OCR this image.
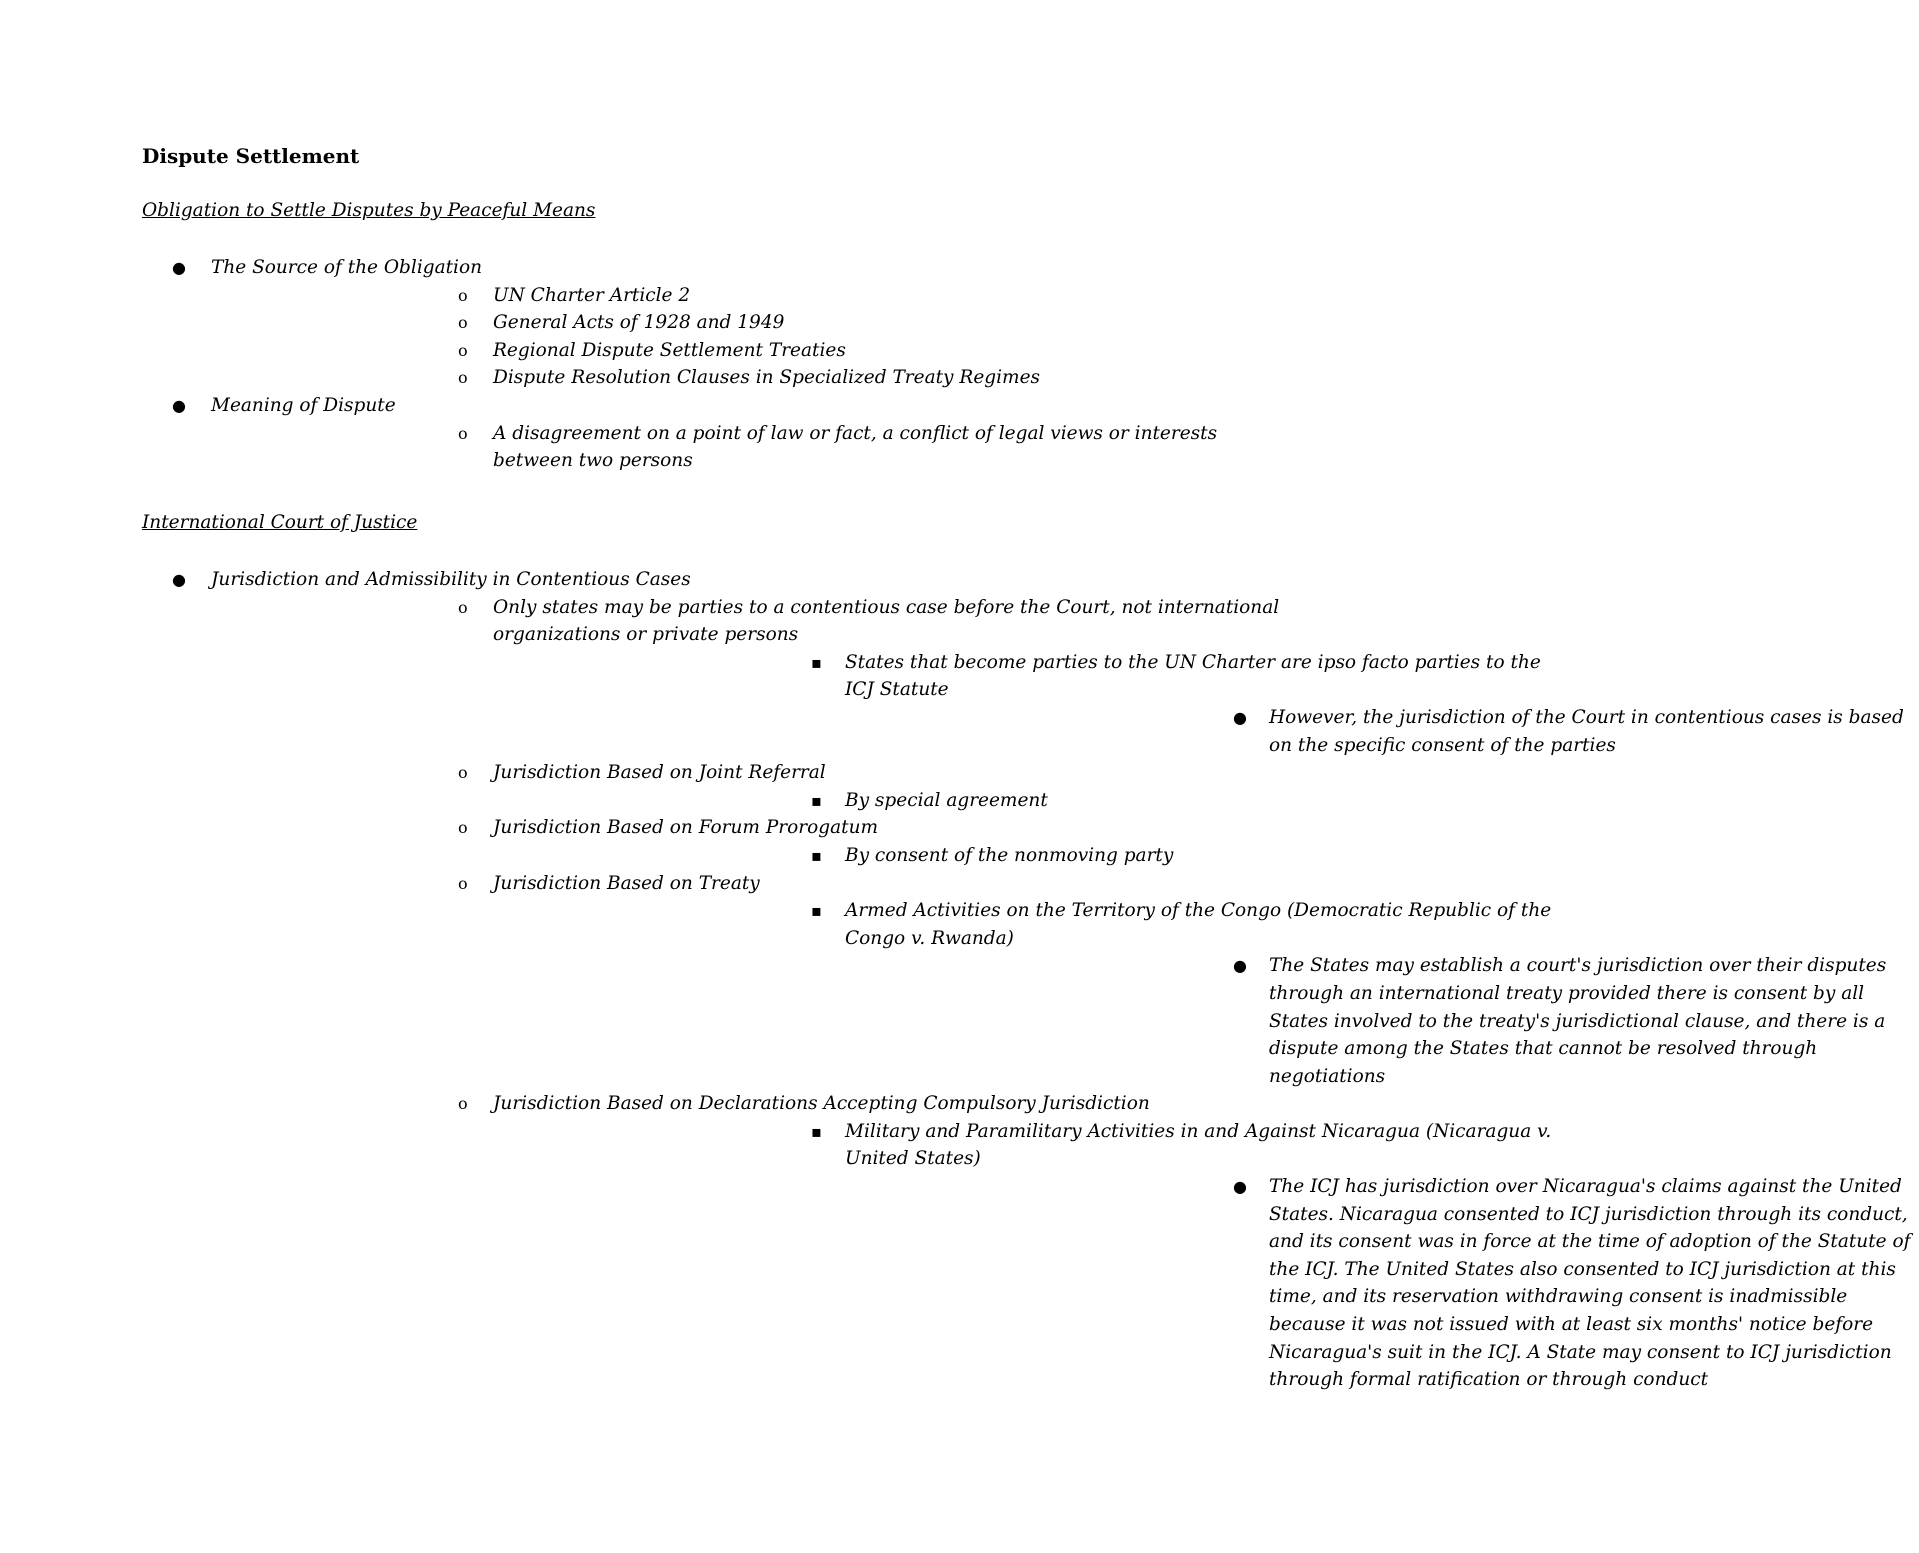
Dispute Settlement
Obligation to Settle Disputes by Peaceful Means
● The Source of the Obligation
o UN Charter Article 2
o General Acts of 1928 and 1949
o Regional Dispute Settlement Treaties
o Dispute Resolution Clauses in Specialized Treaty Regimes
● Meaning of Dispute
o A disagreement on a point of law or fact, a conflict of legal views or interests between two persons
International Court of Justice
● Jurisdiction and Admissibility in Contentious Cases
o Only states may be parties to a contentious case before the Court, not international organizations or private persons
▪ States that become parties to the UN Charter are ipso facto parties to the ICJ Statute
● However, the jurisdiction of the Court in contentious cases is based on the specific consent of the parties
o Jurisdiction Based on Joint Referral
▪ By special agreement
o Jurisdiction Based on Forum Prorogatum
▪ By consent of the nonmoving party
o Jurisdiction Based on Treaty
▪ Armed Activities on the Territory of the Congo (Democratic Republic of the Congo v. Rwanda)
● The States may establish a court's jurisdiction over their disputes through an international treaty provided there is consent by all States involved to the treaty's jurisdictional clause, and there is a dispute among the States that cannot be resolved through negotiations
o Jurisdiction Based on Declarations Accepting Compulsory Jurisdiction
▪ Military and Paramilitary Activities in and Against Nicaragua (Nicaragua v. United States)
● The ICJ has jurisdiction over Nicaragua's claims against the United States. Nicaragua consented to ICJ jurisdiction through its conduct, and its consent was in force at the time of adoption of the Statute of the ICJ. The United States also consented to ICJ jurisdiction at this time, and its reservation withdrawing consent is inadmissible because it was not issued with at least six months' notice before Nicaragua's suit in the ICJ. A State may consent to ICJ jurisdiction through formal ratification or through conduct
